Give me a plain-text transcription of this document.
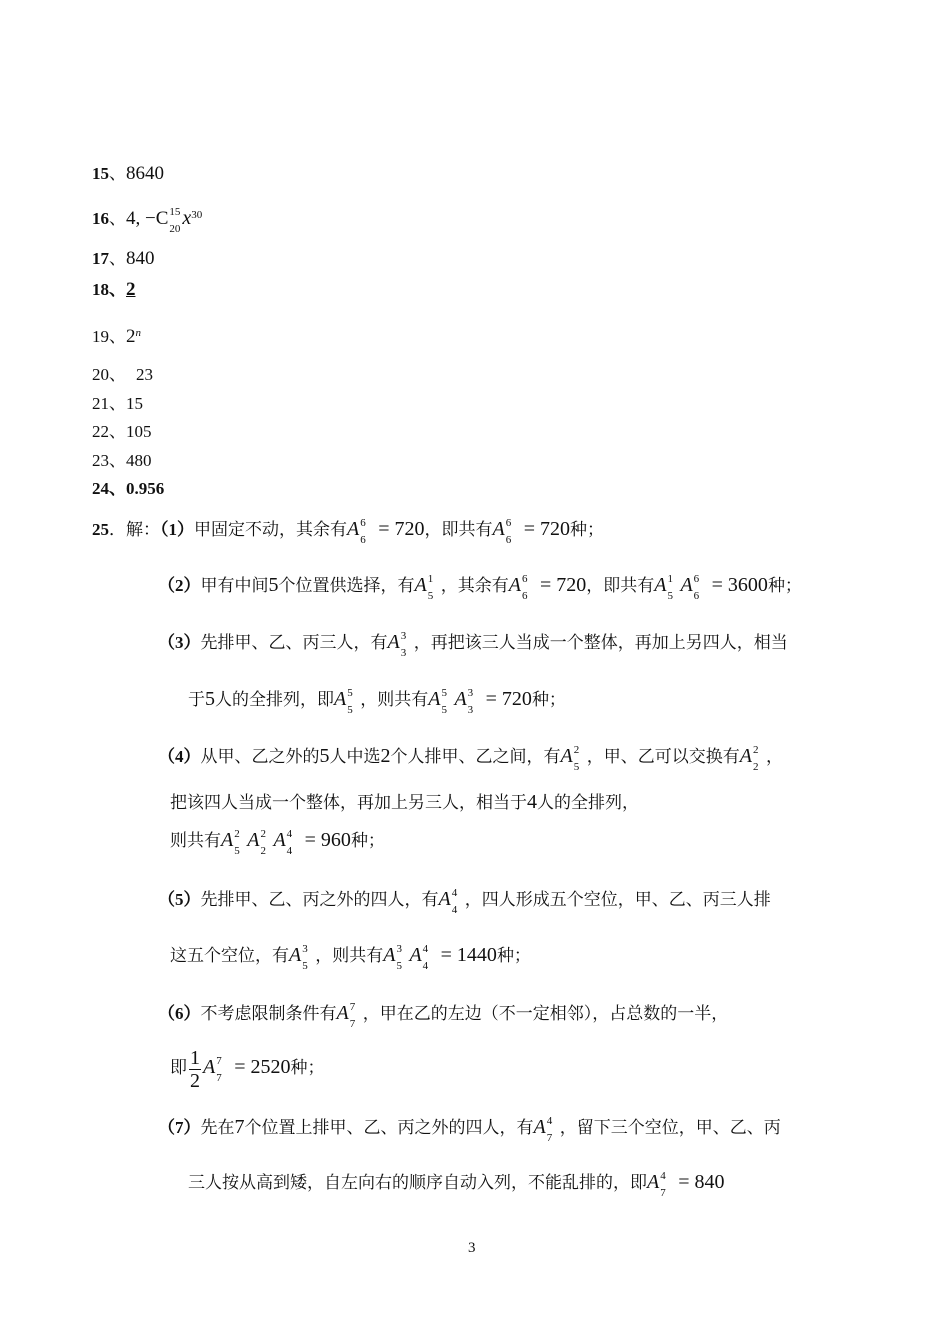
15、8640
16、4, −C 15
20
$x^{30}$
17、840
18、2
19、2$^n$
20、 23
21、15
22、105
23、480
24、0.956
25．解：（1）甲固定不动，其余有A 6
6
= 720，即共有A 6
6
= 720种；
（2）甲有中间5个位置供选择，有A 1
5
，其余有A 6
6
= 720，即共有A 1
5
A 6
6
= 3600种；
（3）先排甲、乙、丙三人，有A 3
3
，再把该三人当成一个整体，再加上另四人，相当
于5人的全排列，即A 5
5
，则共有A 5
5
A 3
3
= 720种；
（4）从甲、乙之外的5人中选2个人排甲、乙之间，有A 2
5
，甲、乙可以交换有A 2
2
，
把该四人当成一个整体，再加上另三人，相当于4人的全排列，
则共有A 2
5
A 2
2
A 4
4
= 960种；
（5）先排甲、乙、丙之外的四人，有A 4
4
，四人形成五个空位，甲、乙、丙三人排
这五个空位，有A 3
5
，则共有A 3
5
A 4
4
= 1440种；
（6）不考虑限制条件有A 7
7
，甲在乙的左边（不一定相邻），占总数的一半，
即 $\frac{1}{2}$ A 7
7
= 2520种；
（7）先在7个位置上排甲、乙、丙之外的四人，有A 4
7
，留下三个空位，甲、乙、丙
三人按从高到矮，自左向右的顺序自动入列，不能乱排的，即A 4
7
= 840
3
